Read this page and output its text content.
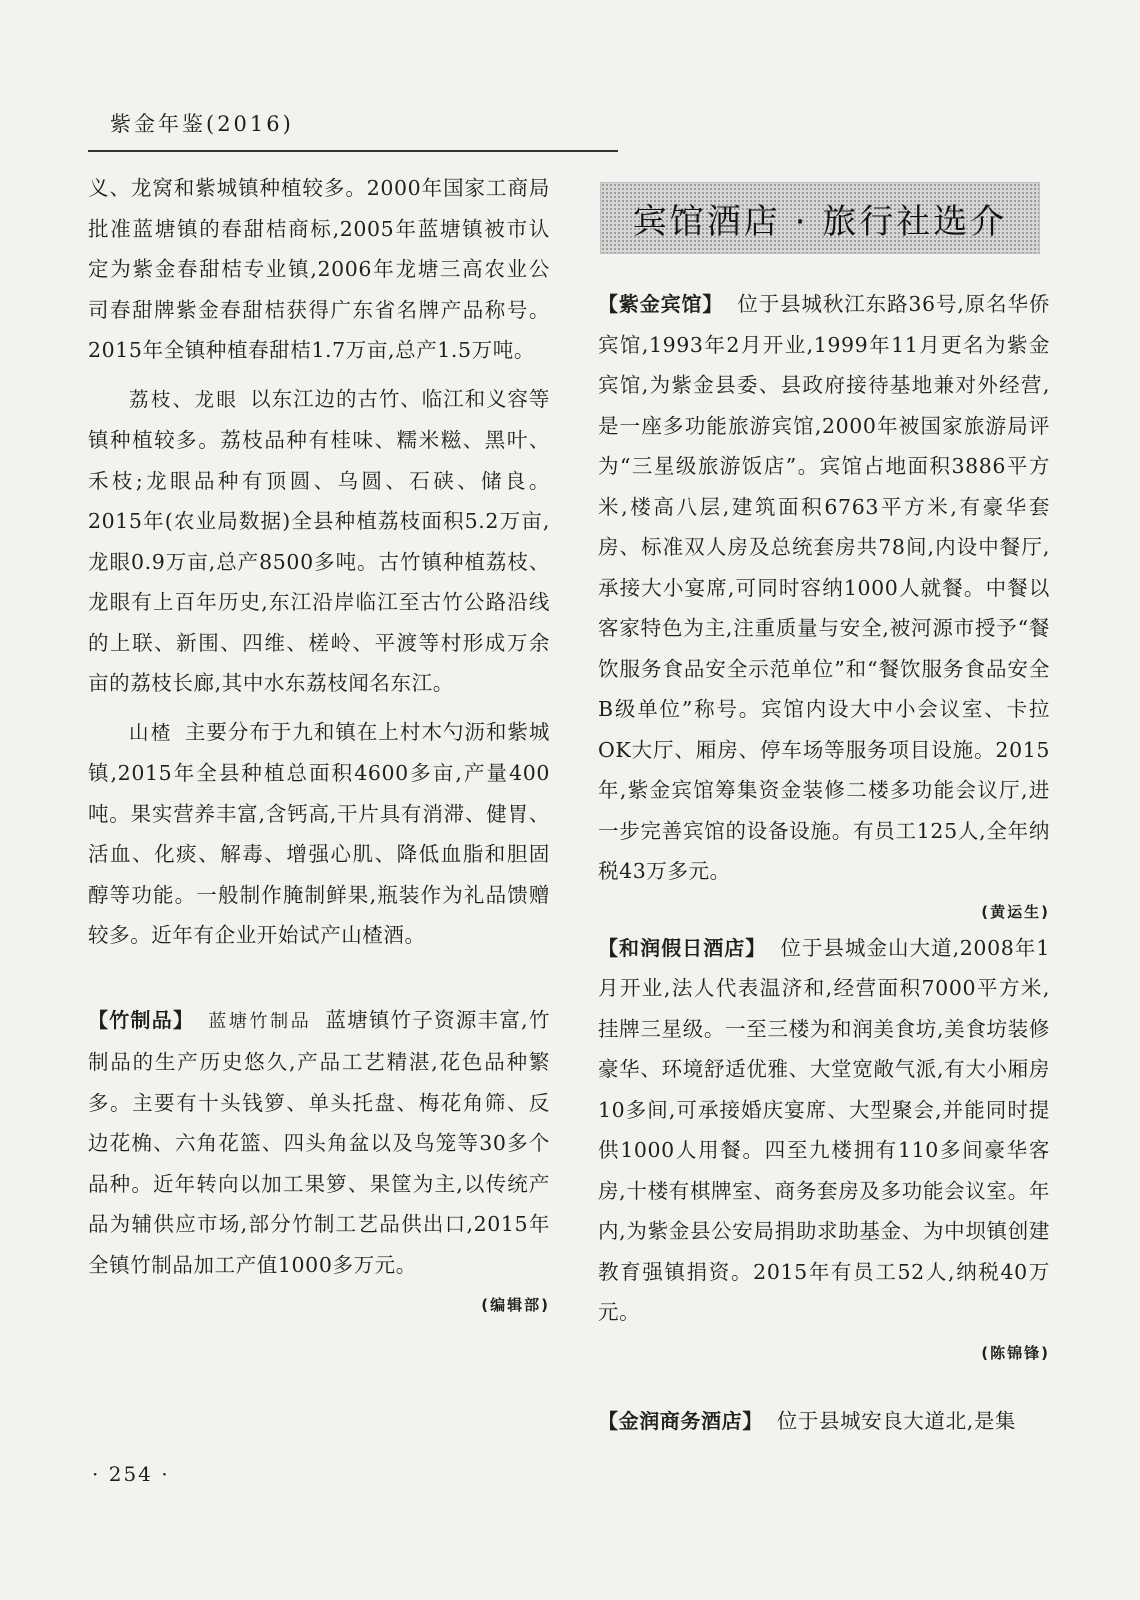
紫金年鉴(2016)

义、龙窝和紫城镇种植较多。2000年国家工商局批准蓝塘镇的春甜桔商标,2005年蓝塘镇被市认定为紫金春甜桔专业镇,2006年龙塘三高农业公司春甜牌紫金春甜桔获得广东省名牌产品称号。2015年全镇种植春甜桔1.7万亩,总产1.5万吨。

荔枝、龙眼 以东江边的古竹、临江和义容等镇种植较多。荔枝品种有桂味、糯米糍、黑叶、禾枝;龙眼品种有顶圆、乌圆、石硖、储良。2015年(农业局数据)全县种植荔枝面积5.2万亩,龙眼0.9万亩,总产8500多吨。古竹镇种植荔枝、龙眼有上百年历史,东江沿岸临江至古竹公路沿线的上联、新围、四维、槎岭、平渡等村形成万余亩的荔枝长廊,其中水东荔枝闻名东江。

山楂 主要分布于九和镇在上村木勺沥和紫城镇,2015年全县种植总面积4600多亩,产量400吨。果实营养丰富,含钙高,干片具有消滞、健胃、活血、化痰、解毒、增强心肌、降低血脂和胆固醇等功能。一般制作腌制鲜果,瓶装作为礼品馈赠较多。近年有企业开始试产山楂酒。

【竹制品】 蓝塘竹制品 蓝塘镇竹子资源丰富,竹制品的生产历史悠久,产品工艺精湛,花色品种繁多。主要有十头钱箩、单头托盘、梅花角筛、反边花桷、六角花篮、四头角盆以及鸟笼等30多个品种。近年转向以加工果箩、果筐为主,以传统产品为辅供应市场,部分竹制工艺品供出口,2015年全镇竹制品加工产值1000多万元。

(编辑部)

宾馆酒店 · 旅行社选介

【紫金宾馆】 位于县城秋江东路36号,原名华侨宾馆,1993年2月开业,1999年11月更名为紫金宾馆,为紫金县委、县政府接待基地兼对外经营,是一座多功能旅游宾馆,2000年被国家旅游局评为“三星级旅游饭店”。宾馆占地面积3886平方米,楼高八层,建筑面积6763平方米,有豪华套房、标准双人房及总统套房共78间,内设中餐厅,承接大小宴席,可同时容纳1000人就餐。中餐以客家特色为主,注重质量与安全,被河源市授予“餐饮服务食品安全示范单位”和“餐饮服务食品安全B级单位”称号。宾馆内设大中小会议室、卡拉OK大厅、厢房、停车场等服务项目设施。2015年,紫金宾馆筹集资金装修二楼多功能会议厅,进一步完善宾馆的设备设施。有员工125人,全年纳税43万多元。

(黄运生)

【和润假日酒店】 位于县城金山大道,2008年1月开业,法人代表温济和,经营面积7000平方米,挂牌三星级。一至三楼为和润美食坊,美食坊装修豪华、环境舒适优雅、大堂宽敞气派,有大小厢房10多间,可承接婚庆宴席、大型聚会,并能同时提供1000人用餐。四至九楼拥有110多间豪华客房,十楼有棋牌室、商务套房及多功能会议室。年内,为紫金县公安局捐助求助基金、为中坝镇创建教育强镇捐资。2015年有员工52人,纳税40万元。

(陈锦锋)

【金润商务酒店】 位于县城安良大道北,是集

· 254 ·
